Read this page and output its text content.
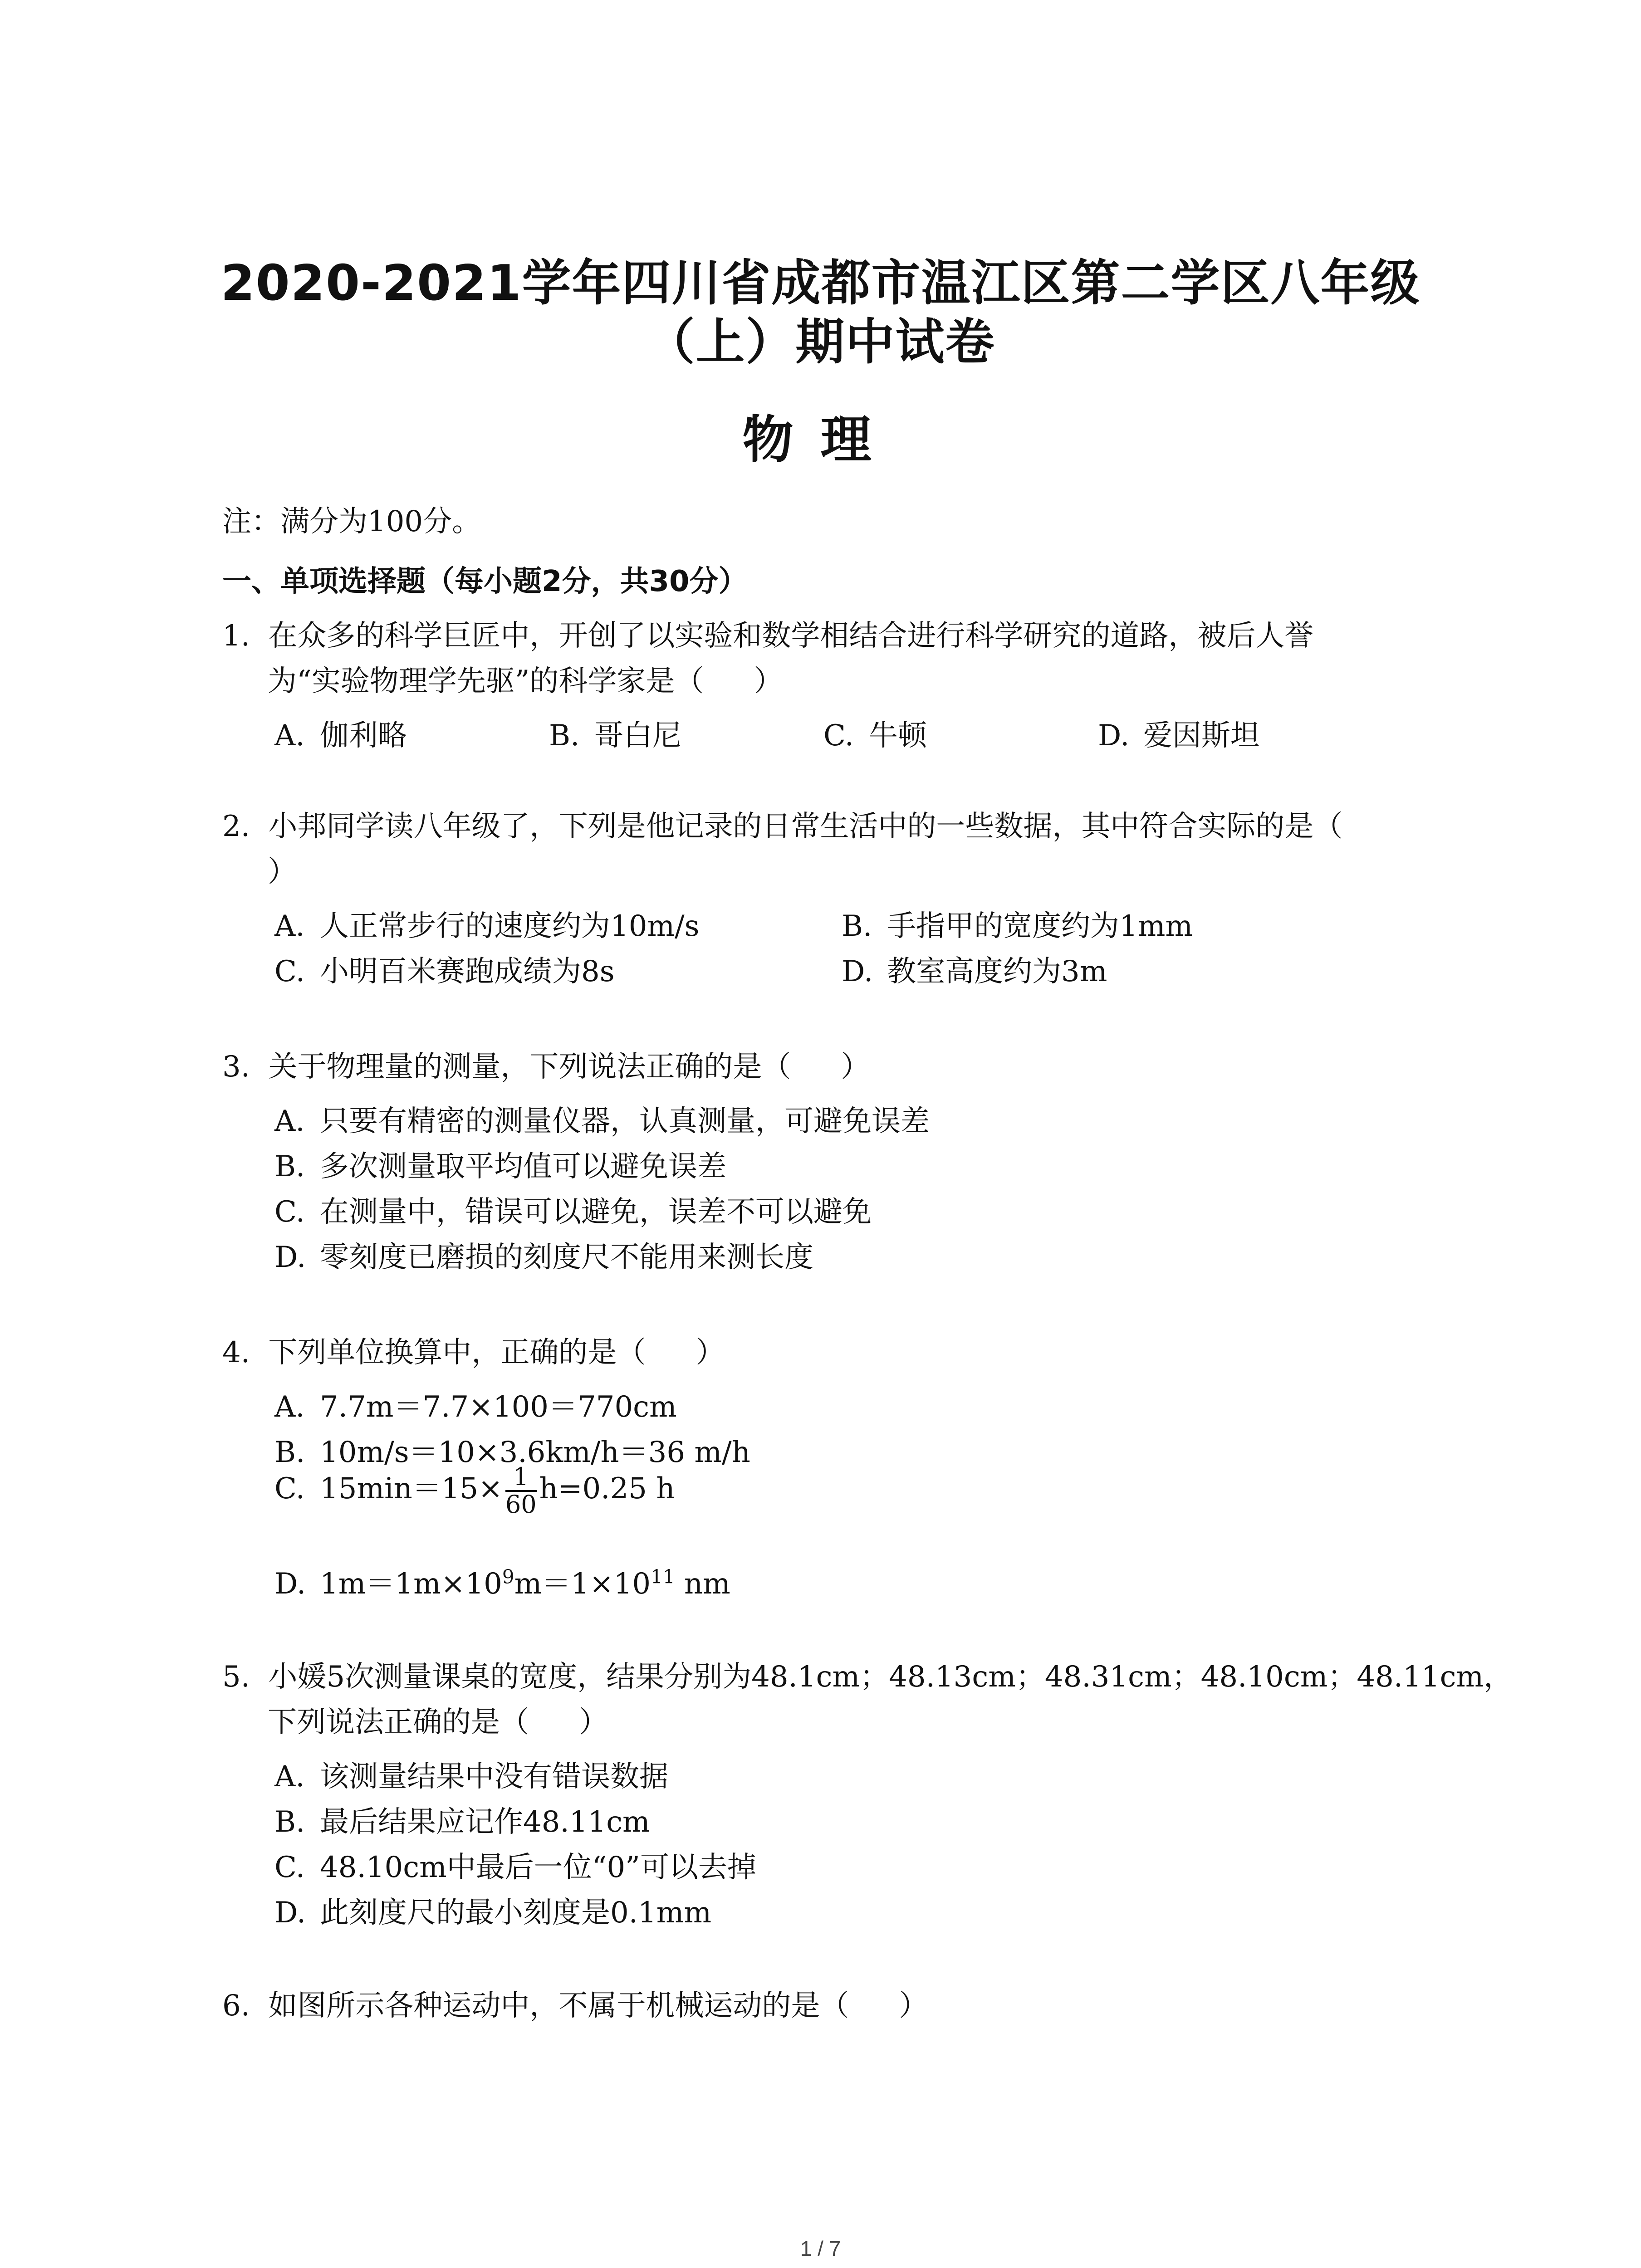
2020-2021学年四川省成都市温江区第二学区八年级
（上）期中试卷
物理
注：满分为100分。
一、单项选择题（每小题2分，共30分）
1. 在众多的科学巨匠中，开创了以实验和数学相结合进行科学研究的道路，被后人誉
为“实验物理学先驱”的科学家是（ ）
A. 伽利略	B. 哥白尼	C. 牛顿	D. 爱因斯坦
2. 小邦同学读八年级了，下列是他记录的日常生活中的一些数据，其中符合实际的是（
）
A. 人正常步行的速度约为10m/s	B. 手指甲的宽度约为1mm
C. 小明百米赛跑成绩为8s	D. 教室高度约为3m
3. 关于物理量的测量，下列说法正确的是（ ）
A. 只要有精密的测量仪器，认真测量，可避免误差
B. 多次测量取平均值可以避免误差
C. 在测量中，错误可以避免，误差不可以避免
D. 零刻度已磨损的刻度尺不能用来测长度
4. 下列单位换算中，正确的是（ ）
A. 7.7m＝7.7×100＝770cm
B. 10m/s＝10×3.6km/h＝36 m/h
C. $15\min=15\times \frac{1}{60} h=0.25$ h
D. $1m=1m\times 10^9m=1\times 10^{11}$ nm
5. 小媛5次测量课桌的宽度，结果分别为48.1cm；48.13cm；48.31cm；48.10cm；48.11cm，
下列说法正确的是（ ）
A. 该测量结果中没有错误数据
B. 最后结果应记作48.11cm
C. 48.10cm中最后一位“0”可以去掉
D. 此刻度尺的最小刻度是0.1mm
6. 如图所示各种运动中，不属于机械运动的是（ ）
1 / 7
